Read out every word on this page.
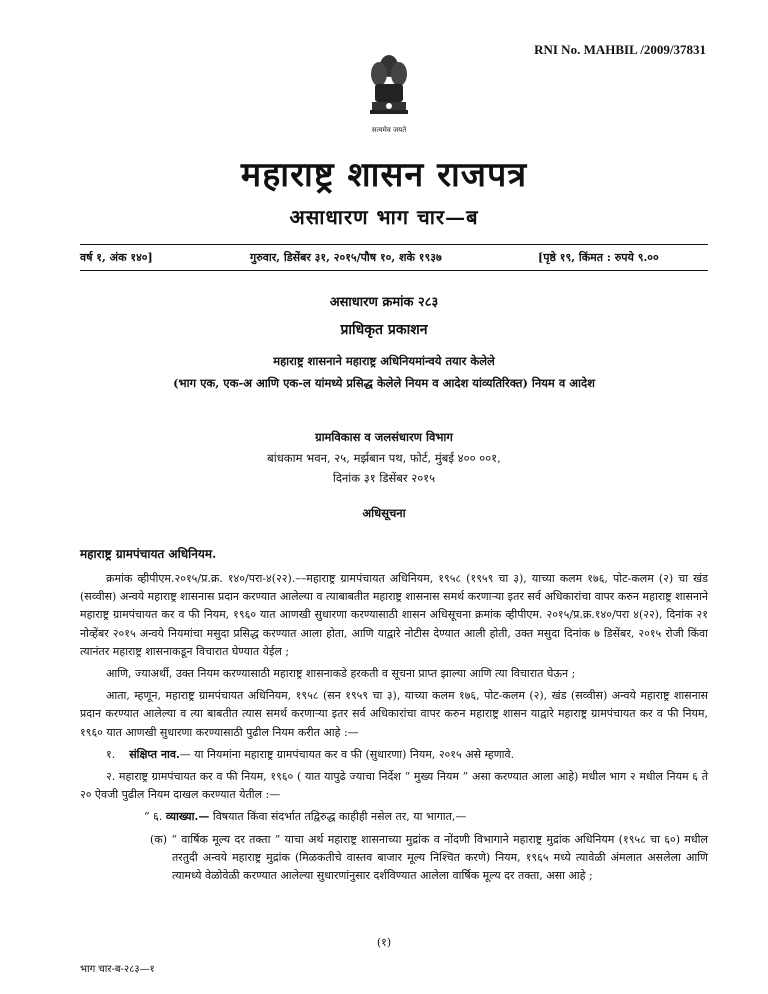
RNI No. MAHBIL /2009/37831
सत्यमेव जयते
महाराष्ट्र शासन राजपत्र
असाधारण भाग चार—ब
वर्ष १, अंक १४०]	गुरुवार, डिसेंबर ३१, २०१५/पौष १०, शके १९३७	[पृष्ठे १९, किंमत : रुपये ९.००
असाधारण क्रमांक २८३
प्राधिकृत प्रकाशन
महाराष्ट्र शासनाने महाराष्ट्र अधिनियमांन्वये तयार केलेले
(भाग एक, एक-अ आणि एक-ल यांमध्ये प्रसिद्ध केलेले नियम व आदेश यांव्यतिरिक्त) नियम व आदेश
ग्रामविकास व जलसंधारण विभाग
बांधकाम भवन, २५, मर्झबान पथ, फोर्ट, मुंबई ४०० ००१,
दिनांक ३१ डिसेंबर २०१५
अधिसूचना
महाराष्ट्र ग्रामपंचायत अधिनियम.

क्रमांक व्हीपीएम.२०१५/प्र.क्र. १४०/परा-४(२२).––महाराष्ट्र ग्रामपंचायत अधिनियम, १९५८ (१९५९ चा ३), याच्या कलम १७६, पोट-कलम (२) चा खंड (सव्वीस) अन्वये महाराष्ट्र शासनास प्रदान करण्यात आलेल्या व त्याबाबतीत महाराष्ट्र शासनास समर्थ करणाऱ्या इतर सर्व अधिकारांचा वापर करुन महाराष्ट्र शासनाने महाराष्ट्र ग्रामपंचायत कर व फी नियम, १९६० यात आणखी सुधारणा करण्यासाठी शासन अधिसूचना क्रमांक व्हीपीएम. २०१५/प्र.क्र.१४०/परा ४(२२), दिनांक २१ नोव्हेंबर २०१५ अन्वये नियमांचा मसुदा प्रसिद्ध करण्यात आला होता, आणि याद्वारे नोटीस देण्यात आली होती, उक्त मसुदा दिनांक ७ डिसेंबर, २०१५ रोजी किंवा त्यानंतर महाराष्ट्र शासनाकडून विचारात घेण्यात येईल ;

आणि, ज्याअर्थी, उक्त नियम करण्यासाठी महाराष्ट्र शासनाकडे हरकती व सूचना प्राप्त झाल्या आणि त्या विचारात घेऊन ;

आता, म्हणून, महाराष्ट्र ग्रामपंचायत अधिनियम, १९५८ (सन १९५९ चा ३), याच्या कलम १७६, पोट-कलम (२), खंड (सव्वीस) अन्वये महाराष्ट्र शासनास प्रदान करण्यात आलेल्या व त्या बाबतीत त्यास समर्थ करणाऱ्या इतर सर्व अधिकारांचा वापर करुन महाराष्ट्र शासन याद्वारे महाराष्ट्र ग्रामपंचायत कर व फी नियम, १९६० यात आणखी सुधारणा करण्यासाठी पुढील नियम करीत आहे :—

१. संक्षिप्त नाव.— या नियमांना महाराष्ट्र ग्रामपंचायत कर व फी (सुधारणा) नियम, २०१५ असे म्हणावे.

२. महाराष्ट्र ग्रामपंचायत कर व फी नियम, १९६० ( यात यापुढे ज्याचा निर्देश “ मुख्य नियम ” असा करण्यात आला आहे) मधील भाग २ मधील नियम ६ ते २० ऐवजी पुढील नियम दाखल करण्यात येतील :—

“ ६. व्याख्या.— विषयात किंवा संदर्भात तद्विरुद्ध काहीही नसेल तर, या भागात,—

(क) “ वार्षिक मूल्य दर तक्ता ” याचा अर्थ महाराष्ट्र शासनाच्या मुद्रांक व नोंदणी विभागाने महाराष्ट्र मुद्रांक अधिनियम (१९५८ चा ६०) मधील तरतुदी अन्वये महाराष्ट्र मुद्रांक (मिळकतीचे वास्तव बाजार मूल्य निश्चित करणे) नियम, १९६५ मध्ये त्यावेळी अंमलात असलेला आणि त्यामध्ये वेळोवेळी करण्यात आलेल्या सुधारणांनुसार दर्शविण्यात आलेला वार्षिक मूल्य दर तक्ता, असा आहे ;

(१)
भाग चार-ब-२८३—१
